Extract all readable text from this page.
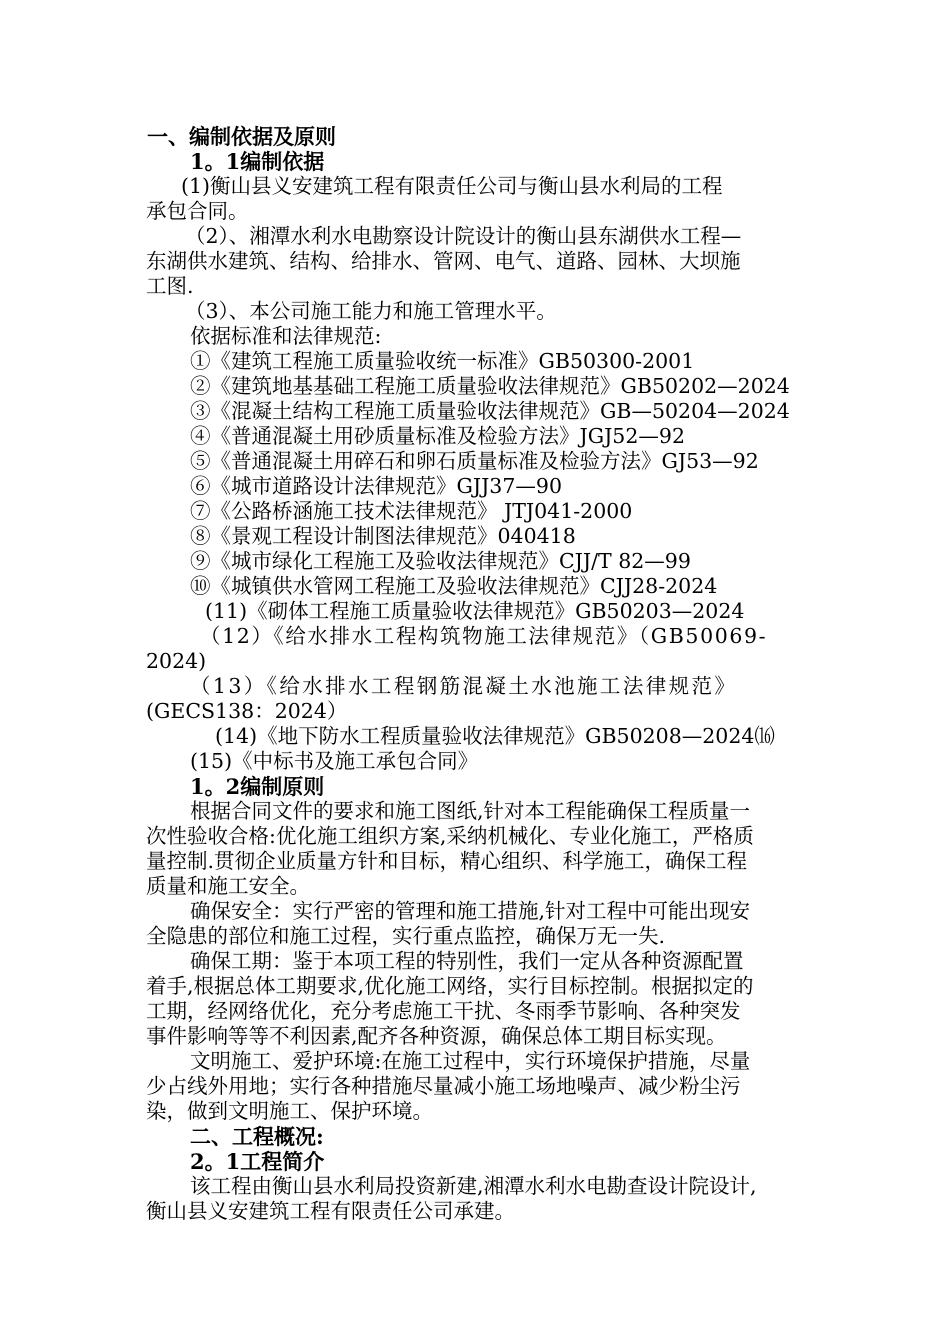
一、编制依据及原则

1。1编制依据

(1)衡山县义安建筑工程有限责任公司与衡山县水利局的工程

承包合同。

（2）、湘潭水利水电勘察设计院设计的衡山县东湖供水工程—

东湖供水建筑、结构、给排水、管网、电气、道路、园林、大坝施

工图.

（3）、本公司施工能力和施工管理水平。

依据标准和法律规范:

①《建筑工程施工质量验收统一标准》GB50300-2001

②《建筑地基基础工程施工质量验收法律规范》GB50202—2024

③《混凝土结构工程施工质量验收法律规范》GB—50204—2024

④《普通混凝土用砂质量标准及检验方法》JGJ52—92

⑤《普通混凝土用碎石和卵石质量标准及检验方法》GJ53—92

⑥《城市道路设计法律规范》GJJ37—90

⑦《公路桥涵施工技术法律规范》 JTJ041-2000

⑧《景观工程设计制图法律规范》040418

⑨《城市绿化工程施工及验收法律规范》CJJ/T 82—99

⑩《城镇供水管网工程施工及验收法律规范》CJJ28-2024

(11)《砌体工程施工质量验收法律规范》GB50203—2024

（12）《给水排水工程构筑物施工法律规范》（GB50069-

2024)

（13）《给水排水工程钢筋混凝土水池施工法律规范》

(GECS138：2024）

(14)《地下防水工程质量验收法律规范》GB50208—2024⒃

(15)《中标书及施工承包合同》

1。2编制原则

根据合同文件的要求和施工图纸,针对本工程能确保工程质量一

次性验收合格:优化施工组织方案,采纳机械化、专业化施工，严格质

量控制.贯彻企业质量方针和目标，精心组织、科学施工，确保工程

质量和施工安全。

确保安全：实行严密的管理和施工措施,针对工程中可能出现安

全隐患的部位和施工过程，实行重点监控，确保万无一失.

确保工期：鉴于本项工程的特别性，我们一定从各种资源配置

着手,根据总体工期要求,优化施工网络，实行目标控制。根据拟定的

工期，经网络优化，充分考虑施工干扰、冬雨季节影响、各种突发

事件影响等等不利因素,配齐各种资源，确保总体工期目标实现。

文明施工、爱护环境:在施工过程中，实行环境保护措施，尽量

少占线外用地；实行各种措施尽量减小施工场地噪声、减少粉尘污

染，做到文明施工、保护环境。

二、工程概况:

2。1工程简介

该工程由衡山县水利局投资新建,湘潭水利水电勘查设计院设计,

衡山县义安建筑工程有限责任公司承建。
